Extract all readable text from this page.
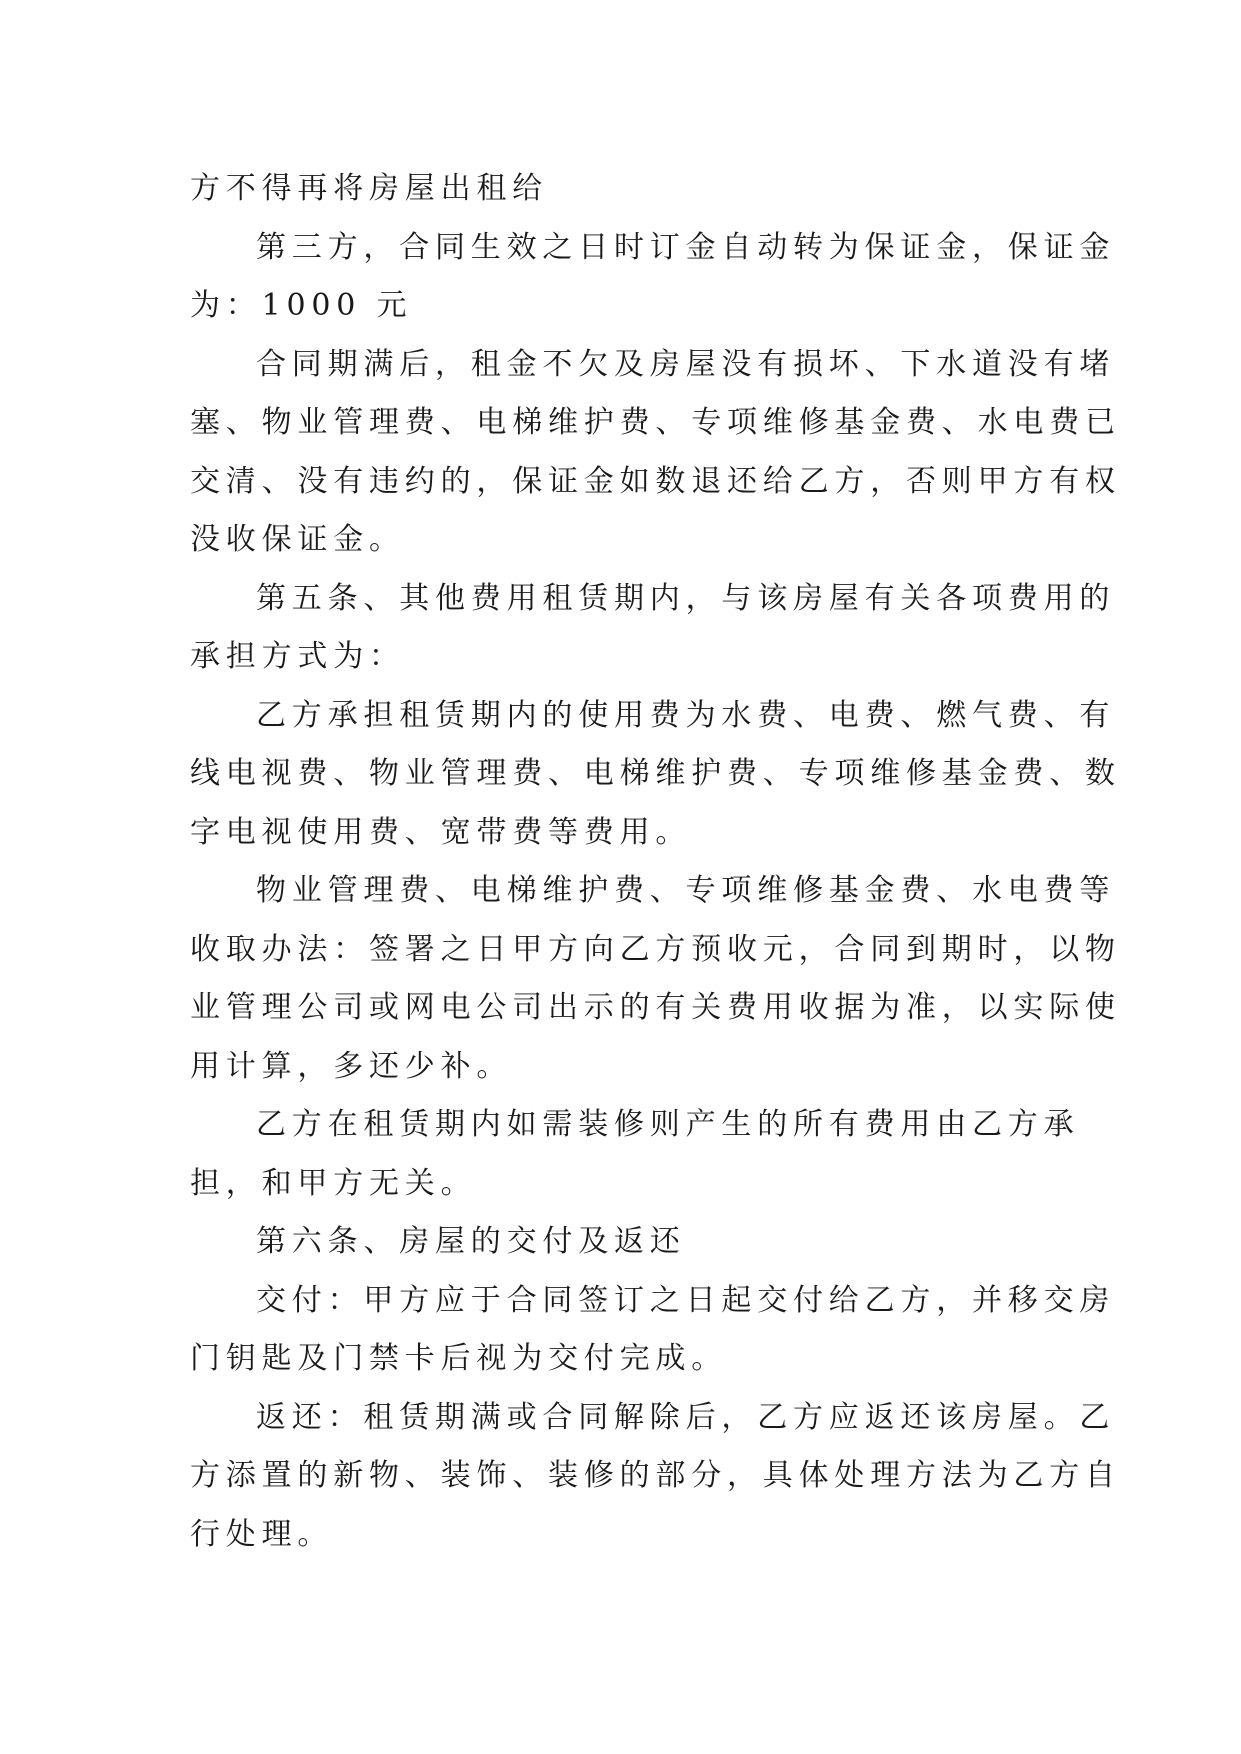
方不得再将房屋出租给
第三方，合同生效之日时订金自动转为保证金，保证金
为：1000 元
合同期满后，租金不欠及房屋没有损坏、下水道没有堵
塞、物业管理费、电梯维护费、专项维修基金费、水电费已
交清、没有违约的，保证金如数退还给乙方，否则甲方有权
没收保证金。
第五条、其他费用租赁期内，与该房屋有关各项费用的
承担方式为：
乙方承担租赁期内的使用费为水费、电费、燃气费、有
线电视费、物业管理费、电梯维护费、专项维修基金费、数
字电视使用费、宽带费等费用。
物业管理费、电梯维护费、专项维修基金费、水电费等
收取办法：签署之日甲方向乙方预收元，合同到期时，以物
业管理公司或网电公司出示的有关费用收据为准，以实际使
用计算，多还少补。
乙方在租赁期内如需装修则产生的所有费用由乙方承
担，和甲方无关。
第六条、房屋的交付及返还
交付：甲方应于合同签订之日起交付给乙方，并移交房
门钥匙及门禁卡后视为交付完成。
返还：租赁期满或合同解除后，乙方应返还该房屋。乙
方添置的新物、装饰、装修的部分，具体处理方法为乙方自
行处理。
